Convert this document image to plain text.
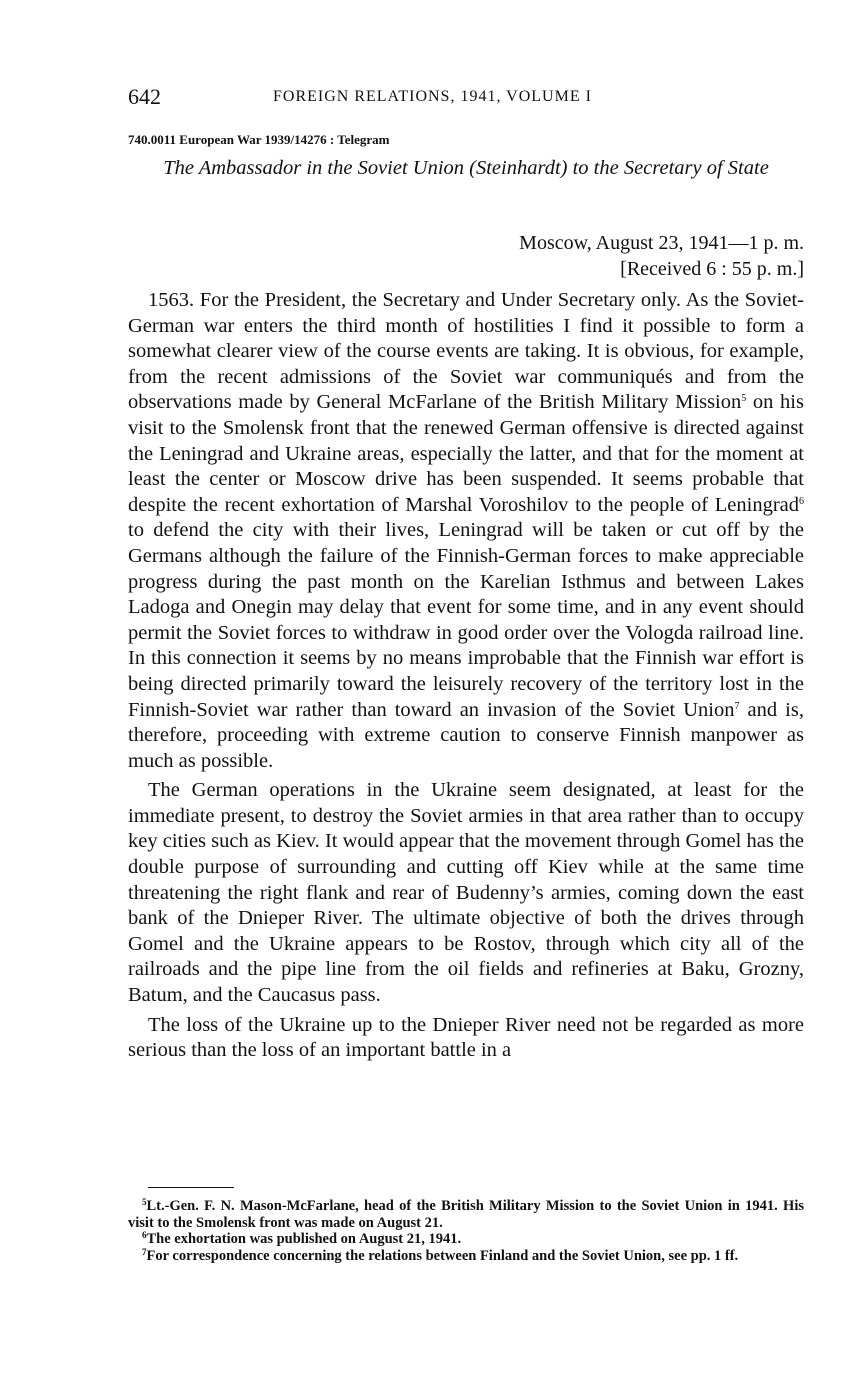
642	FOREIGN RELATIONS, 1941, VOLUME I
740.0011 European War 1939/14276 : Telegram
The Ambassador in the Soviet Union (Steinhardt) to the Secretary of State
Moscow, August 23, 1941—1 p. m.
[Received 6 : 55 p. m.]

1563. For the President, the Secretary and Under Secretary only. As the Soviet-German war enters the third month of hostilities I find it possible to form a somewhat clearer view of the course events are taking. It is obvious, for example, from the recent admissions of the Soviet war communiqués and from the observations made by General McFarlane of the British Military Mission$^5$ on his visit to the Smolensk front that the renewed German offensive is directed against the Leningrad and Ukraine areas, especially the latter, and that for the moment at least the center or Moscow drive has been suspended. It seems probable that despite the recent exhortation of Marshal Voroshilov to the people of Leningrad$^6$ to defend the city with their lives, Leningrad will be taken or cut off by the Germans although the failure of the Finnish-German forces to make appreciable progress during the past month on the Karelian Isthmus and between Lakes Ladoga and Onegin may delay that event for some time, and in any event should permit the Soviet forces to withdraw in good order over the Vologda railroad line. In this connection it seems by no means improbable that the Finnish war effort is being directed primarily toward the leisurely recovery of the territory lost in the Finnish-Soviet war rather than toward an invasion of the Soviet Union$^7$ and is, therefore, proceeding with extreme caution to conserve Finnish manpower as much as possible.

The German operations in the Ukraine seem designated, at least for the immediate present, to destroy the Soviet armies in that area rather than to occupy key cities such as Kiev. It would appear that the movement through Gomel has the double purpose of surrounding and cutting off Kiev while at the same time threatening the right flank and rear of Budenny’s armies, coming down the east bank of the Dnieper River. The ultimate objective of both the drives through Gomel and the Ukraine appears to be Rostov, through which city all of the railroads and the pipe line from the oil fields and refineries at Baku, Grozny, Batum, and the Caucasus pass.

The loss of the Ukraine up to the Dnieper River need not be regarded as more serious than the loss of an important battle in a

$^5$Lt.-Gen. F. N. Mason-McFarlane, head of the British Military Mission to the Soviet Union in 1941. His visit to the Smolensk front was made on August 21.

$^6$The exhortation was published on August 21, 1941.

$^7$For correspondence concerning the relations between Finland and the Soviet Union, see pp. 1 ff.
